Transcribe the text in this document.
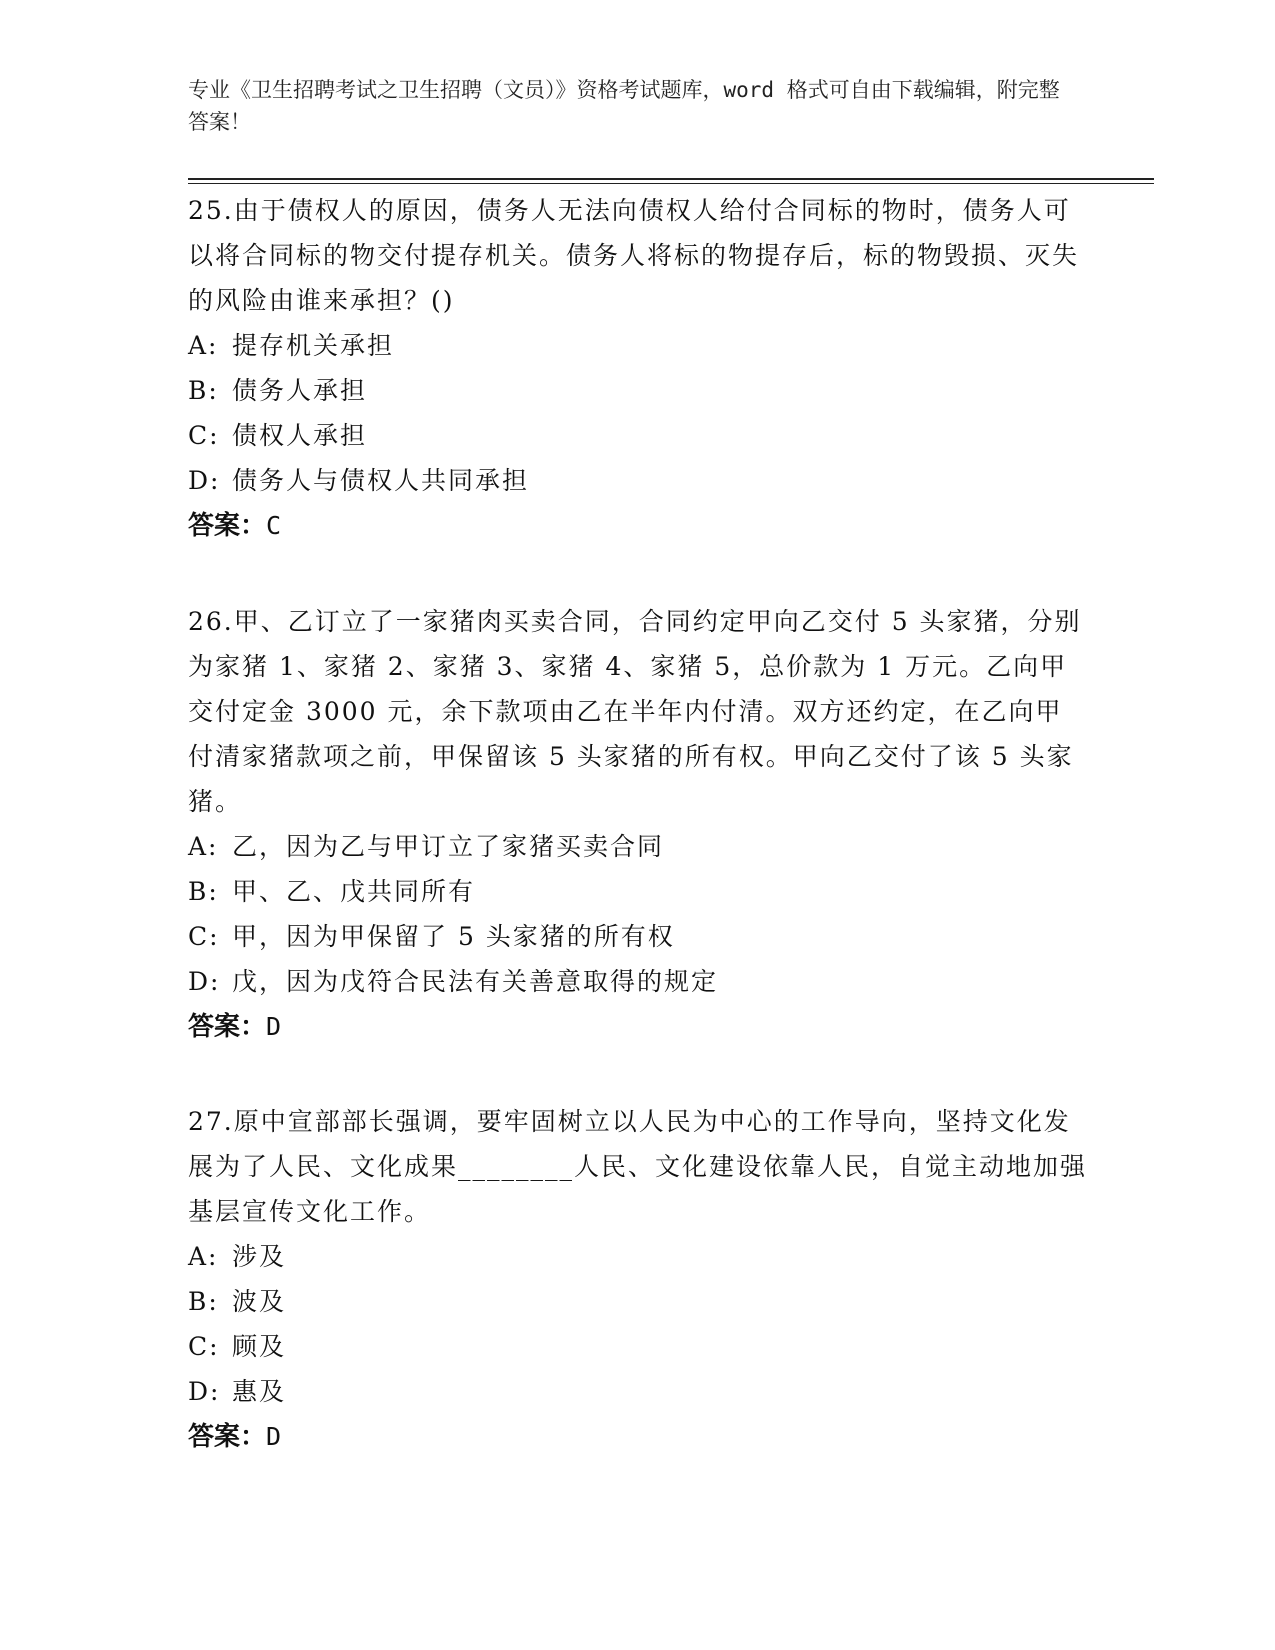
专业《卫生招聘考试之卫生招聘（文员）》资格考试题库，word 格式可自由下载编辑，附完整答案！

25.由于债权人的原因，债务人无法向债权人给付合同标的物时，债务人可以将合同标的物交付提存机关。债务人将标的物提存后，标的物毁损、灭失的风险由谁来承担？()

A: 提存机关承担

B: 债务人承担

C: 债权人承担

D: 债务人与债权人共同承担

答案：C

26.甲、乙订立了一家猪肉买卖合同，合同约定甲向乙交付 5 头家猪，分别为家猪 1、家猪 2、家猪 3、家猪 4、家猪 5，总价款为 1 万元。乙向甲交付定金 3000 元，余下款项由乙在半年内付清。双方还约定，在乙向甲付清家猪款项之前，甲保留该 5 头家猪的所有权。甲向乙交付了该 5 头家猪。

A: 乙，因为乙与甲订立了家猪买卖合同

B: 甲、乙、戊共同所有

C: 甲，因为甲保留了 5 头家猪的所有权

D: 戊，因为戊符合民法有关善意取得的规定

答案：D

27.原中宣部部长强调，要牢固树立以人民为中心的工作导向，坚持文化发展为了人民、文化成果________人民、文化建设依靠人民，自觉主动地加强基层宣传文化工作。

A: 涉及

B: 波及

C: 顾及

D: 惠及

答案：D
